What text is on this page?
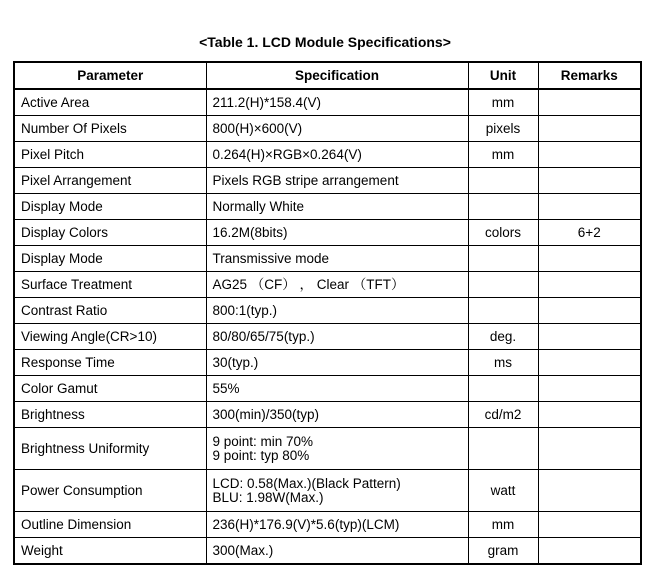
<Table 1. LCD Module Specifications>
Parameter	Specification	Unit	Remarks
Active Area	211.2(H)*158.4(V)	mm	
Number Of Pixels	800(H)×600(V)	pixels	
Pixel Pitch	0.264(H)×RGB×0.264(V)	mm	
Pixel Arrangement	Pixels RGB stripe arrangement		

Display Mode	Normally White		

Display Colors	16.2M(8bits)	colors	6+2
Display Mode	Transmissive mode		

Surface Treatment	AG25 （CF） ， Clear （TFT）		

Contrast Ratio	800:1(typ.)		

Viewing Angle(CR>10)	80/80/65/75(typ.)	deg.	
Response Time	30(typ.)	ms	
Color Gamut	55%		

Brightness	300(min)/350(typ)	cd/m2	
Brightness Uniformity	9 point: min 70%
9 point: typ 80%		

Power Consumption	LCD: 0.58(Max.)(Black Pattern)
BLU: 1.98W(Max.)	watt	
Outline Dimension	236(H)*176.9(V)*5.6(typ)(LCM)	mm	
Weight	300(Max.)	gram	
